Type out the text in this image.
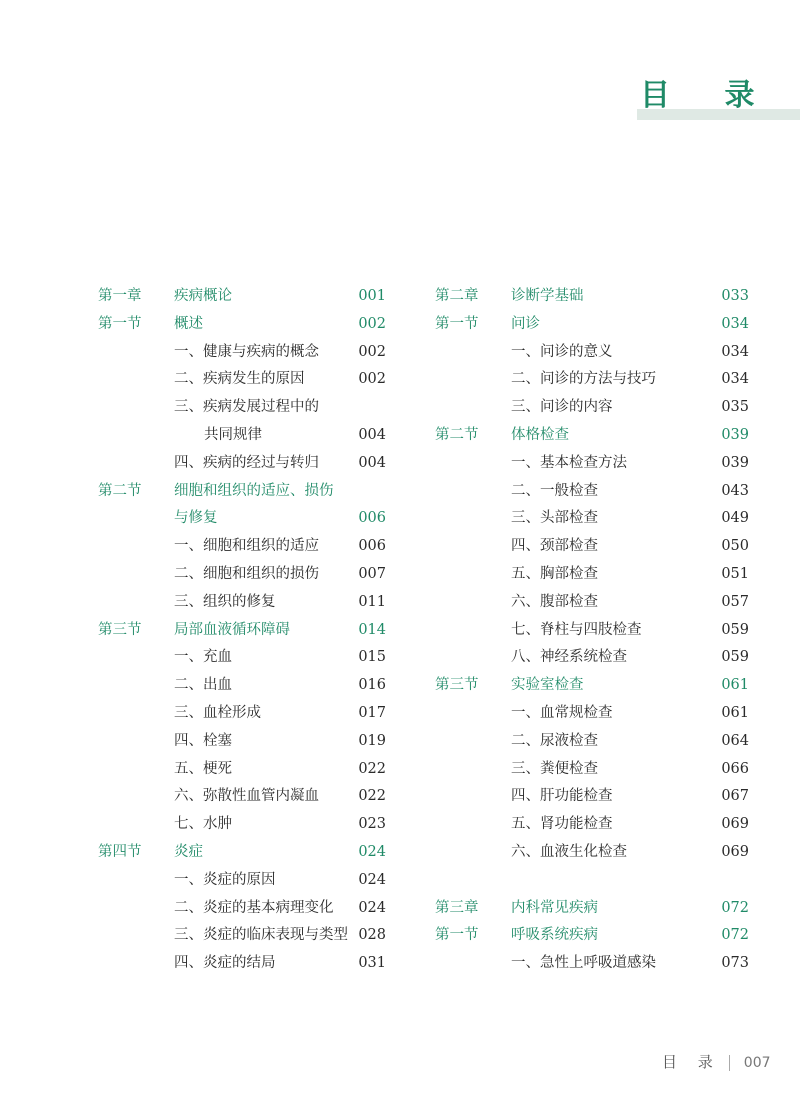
目 录
第一章 疾病概论	001
第一节 概述	002
一、健康与疾病的概念	002
二、疾病发生的原因	002
三、疾病发展过程中的
共同规律	004
四、疾病的经过与转归	004
第二节 细胞和组织的适应、损伤
与修复	006
一、细胞和组织的适应	006
二、细胞和组织的损伤	007
三、组织的修复	011
第三节 局部血液循环障碍	014
一、充血	015
二、出血	016
三、血栓形成	017
四、栓塞	019
五、梗死	022
六、弥散性血管内凝血	022
七、水肿	023
第四节 炎症	024
一、炎症的原因	024
二、炎症的基本病理变化 024
三、炎症的临床表现与类型 028
四、炎症的结局	031
第二章 诊断学基础	033
第一节 问诊	034
一、问诊的意义	034
二、问诊的方法与技巧	034
三、问诊的内容	035
第二节 体格检查	039
一、基本检查方法	039
二、一般检查	043
三、头部检查	049
四、颈部检查	050
五、胸部检查	051
六、腹部检查	057
七、脊柱与四肢检查	059
八、神经系统检查	059
第三节 实验室检查	061
一、血常规检查	061
二、尿液检查	064
三、粪便检查	066
四、肝功能检查	067
五、肾功能检查	069
六、血液生化检查	069
第三章 内科常见疾病	072
第一节 呼吸系统疾病	072
一、急性上呼吸道感染	073
目 录 007
